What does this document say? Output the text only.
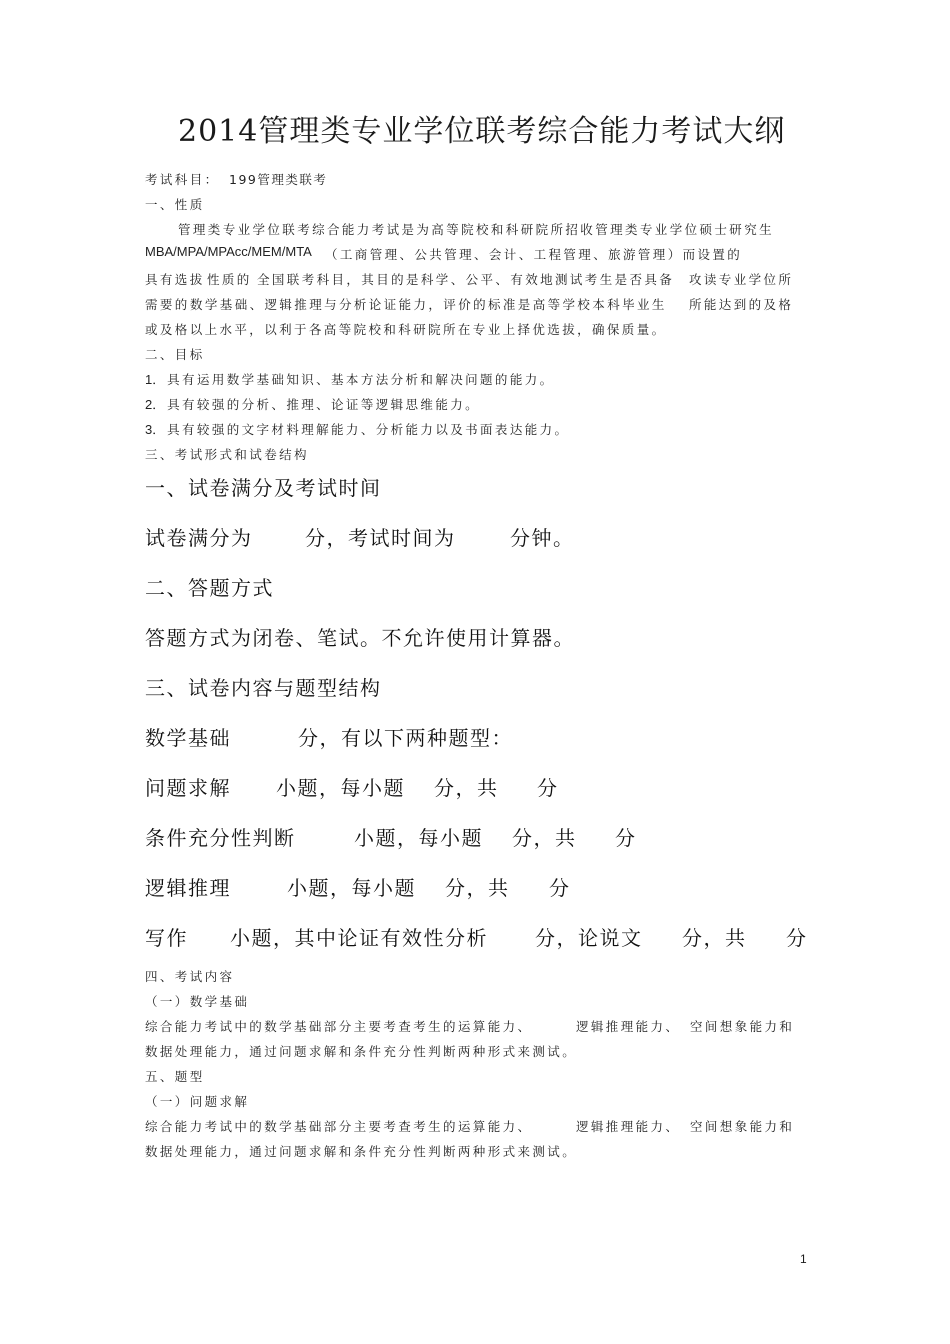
2014管理类专业学位联考综合能力考试大纲
考试科目： 199管理类联考
一、性质
管理类专业学位联考综合能力考试是为高等院校和科研院所招收管理类专业学位硕士研究生
MBA/MPA/MPAcc/MEM/MTA （工商管理、公共管理、会计、工程管理、旅游管理）而设置的
具有选拔 性质的 全国联考科目，其目的是科学、公平、有效地测试考生是否具备 攻读专业学位所
需要的 数学基础、逻辑推理与分析论证能力，评价的标准是高等学校本科毕业生 所能达到的及格
或及格以上水平，以利于各高等院校和科研院所在专业上择优选拔，确保质量。
二、目标
1．具有运用数学基础知识、基本方法分析和解决问题的能力。
2．具有较强的分析、推理、论证等逻辑思维能力。
3．具有较强的文字材料理解能力、分析能力以及书面表达能力。
三、考试形式和试卷结构
一、试卷满分及考试时间
试卷满分为	分，考试时间为	分钟。
二、答题方式
答题方式为闭卷、笔试。不允许使用计算器。
三、试卷内容与题型结构
数学基础	分，有以下两种题型：
问题求解 小题，每小题 分，共 分
条件充分性判断	小题，每小题 分，共 分
逻辑推理	小题，每小题 分，共 分
写作 小题，其中论证有效性分析 分，论说文 分，共 分
四、考试内容
（一）数学基础
综合能力考试中的数学基础部分主要考查考生的运算能力、	逻辑推理能力、 空间想象能力和
数据处理能力，通过问题求解和条件充分性判断两种形式来测试。
五、题型
（一）问题求解
综合能力考试中的数学基础部分主要考查考生的运算能力、	逻辑推理能力、 空间想象能力和
数据处理能力，通过问题求解和条件充分性判断两种形式来测试。
1
